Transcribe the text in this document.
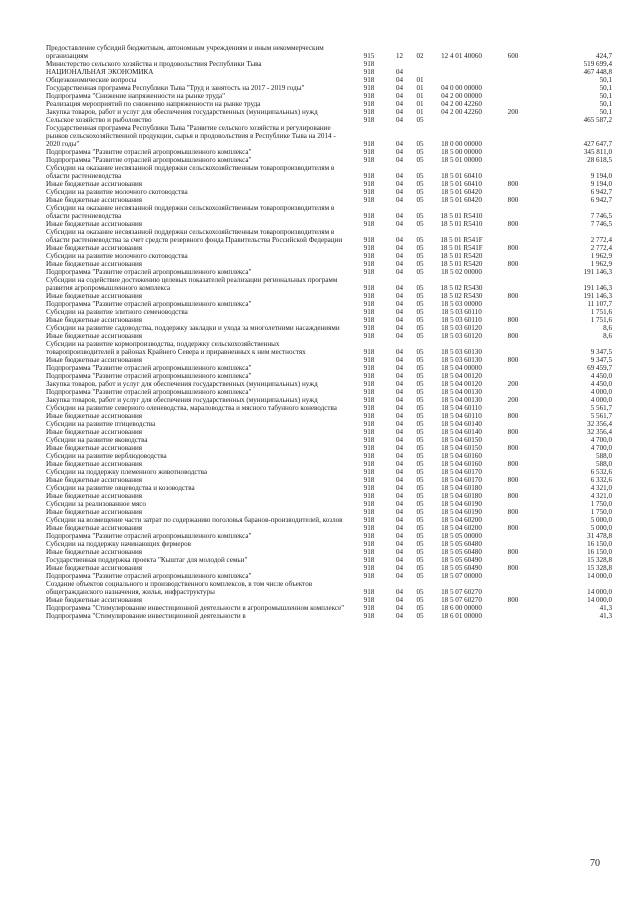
Предоставление субсидий бюджетным, автономным учреждениям и иным некоммерческим организациям	915	12	02	12 4 01 40060	600	424,7
Министерство сельского хозяйства и продовольствия Республики Тыва	918	519 699,4
НАЦИОНАЛЬНАЯ ЭКОНОМИКА	918	04	467 448,8
Общеэкономические вопросы	918	04	01	50,1
Государственная программа Республики Тыва "Труд и занятость на 2017 - 2019 годы"	918	04	01	04 0 00 00000	50,1
Подпрограмма "Снижение напряженности на рынке труда"	918	04	01	04 2 00 00000	50,1
Реализация мероприятий по снижению напряженности на рынке труда	918	04	01	04 2 00 42260	50,1
Закупка товаров, работ и услуг для обеспечения государственных (муниципальных) нужд	918	04	01	04 2 00 42260	200	50,1
Сельское хозяйство и рыболовство	918	04	05	465 587,2
Государственная программа Республики Тыва "Развитие сельского хозяйства и регулирование рынков сельскохозяйственной продукции, сырья и продовольствия в Республике Тыва на 2014 - 2020 годы"	918	04	05	18 0 00 00000	427 647,7
Подпрограмма "Развитие отраслей агропромышленного комплекса"	918	04	05	18 5 00 00000	345 811,0
Подпрограмма "Развитие отраслей агропромышленного комплекса"	918	04	05	18 5 01 00000	28 618,5
Субсидии на оказание несвязанной поддержки сельскохозяйственным товаропроизводителям в области растениеводства	918	04	05	18 5 01 60410	9 194,0
Иные бюджетные ассигнования	918	04	05	18 5 01 60410	800	9 194,0
Субсидии на развитие молочного скотоводства	918	04	05	18 5 01 60420	6 942,7
Иные бюджетные ассигнования	918	04	05	18 5 01 60420	800	6 942,7
Субсидии на оказание несвязанной поддержки сельскохозяйственным товаропроизводителям в области растениеводства	918	04	05	18 5 01 R5410	7 746,5
Иные бюджетные ассигнования	918	04	05	18 5 01 R5410	800	7 746,5
Субсидии на оказание несвязанной поддержки сельскохозяйственным товаропроизводителям в области растениеводства за счет средств резервного фонда Правительства Российской Федерации	918	04	05	18 5 01 R541F	2 772,4
Иные бюджетные ассигнования	918	04	05	18 5 01 R541F	800	2 772,4
Субсидии на развитие молочного скотоводства	918	04	05	18 5 01 R5420	1 962,9
Иные бюджетные ассигнования	918	04	05	18 5 01 R5420	800	1 962,9
Подпрограмма "Развитие отраслей агропромышленного комплекса"	918	04	05	18 5 02 00000	191 146,3
Субсидии на содействие достижению целевых показателей реализации региональных программ развития агропромышленного комплекса	918	04	05	18 5 02 R5430	191 146,3
Иные бюджетные ассигнования	918	04	05	18 5 02 R5430	800	191 146,3
Подпрограмма "Развитие отраслей агропромышленного комплекса"	918	04	05	18 5 03 00000	11 107,7
Субсидии на развитие элитного семеноводства	918	04	05	18 5 03 60110	1 751,6
Иные бюджетные ассигнования	918	04	05	18 5 03 60110	800	1 751,6
Субсидии на развитие садоводства, поддержку закладки и ухода за многолетними насаждениями	918	04	05	18 5 03 60120	8,6
Иные бюджетные ассигнования	918	04	05	18 5 03 60120	800	8,6
Субсидии на развитие кормопроизводства, поддержку сельскохозяйственных товаропроизводителей в районах Крайнего Севера и приравненных к ним местностях	918	04	05	18 5 03 60130	9 347,5
Иные бюджетные ассигнования	918	04	05	18 5 03 60130	800	9 347,5
Подпрограмма "Развитие отраслей агропромышленного комплекса"	918	04	05	18 5 04 00000	69 459,7
Подпрограмма "Развитие отраслей агропромышленного комплекса"	918	04	05	18 5 04 00120	4 450,0
Закупка товаров, работ и услуг для обеспечения государственных (муниципальных) нужд	918	04	05	18 5 04 00120	200	4 450,0
Подпрограмма "Развитие отраслей агропромышленного комплекса"	918	04	05	18 5 04 00130	4 000,0
Закупка товаров, работ и услуг для обеспечения государственных (муниципальных) нужд	918	04	05	18 5 04 00130	200	4 000,0
Субсидии на развитие северного оленеводства, мараловодства и мясного табунного коневодства	918	04	05	18 5 04 60110	5 561,7
Иные бюджетные ассигнования	918	04	05	18 5 04 60110	800	5 561,7
Субсидии на развитие птицеводства	918	04	05	18 5 04 60140	32 356,4
Иные бюджетные ассигнования	918	04	05	18 5 04 60140	800	32 356,4
Субсидии на развитие яководства	918	04	05	18 5 04 60150	4 700,0
Иные бюджетные ассигнования	918	04	05	18 5 04 60150	800	4 700,0
Субсидии на развитие верблюдоводства	918	04	05	18 5 04 60160	588,0
Иные бюджетные ассигнования	918	04	05	18 5 04 60160	800	588,0
Субсидии на поддержку племенного животноводства	918	04	05	18 5 04 60170	6 532,6
Иные бюджетные ассигнования	918	04	05	18 5 04 60170	800	6 332,6
Субсидии на развитие овцеводства и козоводства	918	04	05	18 5 04 60180	4 321,0
Иные бюджетные ассигнования	918	04	05	18 5 04 60180	800	4 321,0
Субсидии за реализованное мясо	918	04	05	18 5 04 60190	1 750,0
Иные бюджетные ассигнования	918	04	05	18 5 04 60190	800	1 750,0
Субсидии на возмещение части затрат по содержанию поголовья баранов-производителей, козлов	918	04	05	18 5 04 60200	5 000,0
Иные бюджетные ассигнования	918	04	05	18 5 04 60200	800	5 000,0
Подпрограмма "Развитие отраслей агропромышленного комплекса"	918	04	05	18 5 05 00000	31 478,8
Субсидии на поддержку начинающих фермеров	918	04	05	18 5 05 60480	16 150,0
Иные бюджетные ассигнования	918	04	05	18 5 05 60480	800	16 150,0
Государственная поддержка проекта "Кыштаг для молодой семьи"	918	04	05	18 5 05 60490	15 328,8
Иные бюджетные ассигнования	918	04	05	18 5 05 60490	800	15 328,8
Подпрограмма "Развитие отраслей агропромышленного комплекса"	918	04	05	18 5 07 00000	14 000,0
Создание объектов социального и производственного комплексов, в том числе объектов общегражданского назначения, жилья, инфраструктуры	918	04	05	18 5 07 60270	14 000,0
Иные бюджетные ассигнования	918	04	05	18 5 07 60270	800	14 000,0
Подпрограмма "Стимулирование инвестиционной деятельности в агропромышленном комплексе"	918	04	05	18 6 00 00000	41,3
Подпрограмма "Стимулирование инвестиционной деятельности в	918	04	05	18 6 01 00000	41,3
70
